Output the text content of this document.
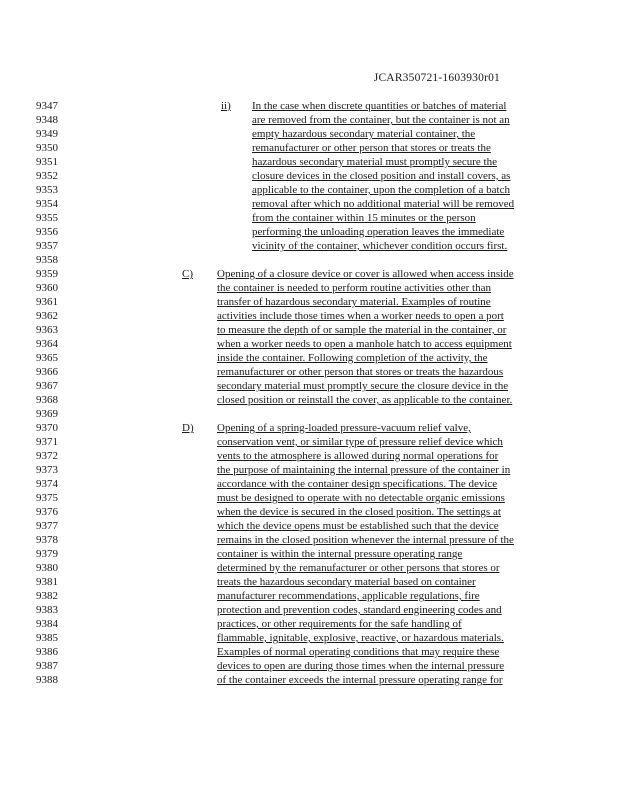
JCAR350721-1603930r01
9347
9348
9349
9350
9351
9352
9353
9354
9355
9356
9357
9358
9359
9360
9361
9362
9363
9364
9365
9366
9367
9368
9369
9370
9371
9372
9373
9374
9375
9376
9377
9378
9379
9380
9381
9382
9383
9384
9385
9386
9387
9388
ii) In the case when discrete quantities or batches of material
are removed from the container, but the container is not an
empty hazardous secondary material container, the
remanufacturer or other person that stores or treats the
hazardous secondary material must promptly secure the
closure devices in the closed position and install covers, as
applicable to the container, upon the completion of a batch
removal after which no additional material will be removed
from the container within 15 minutes or the person
performing the unloading operation leaves the immediate
vicinity of the container, whichever condition occurs first.
C) Opening of a closure device or cover is allowed when access inside
the container is needed to perform routine activities other than
transfer of hazardous secondary material. Examples of routine
activities include those times when a worker needs to open a port
to measure the depth of or sample the material in the container, or
when a worker needs to open a manhole hatch to access equipment
inside the container. Following completion of the activity, the
remanufacturer or other person that stores or treats the hazardous
secondary material must promptly secure the closure device in the
closed position or reinstall the cover, as applicable to the container.
D) Opening of a spring-loaded pressure-vacuum relief valve,
conservation vent, or similar type of pressure relief device which
vents to the atmosphere is allowed during normal operations for
the purpose of maintaining the internal pressure of the container in
accordance with the container design specifications. The device
must be designed to operate with no detectable organic emissions
when the device is secured in the closed position. The settings at
which the device opens must be established such that the device
remains in the closed position whenever the internal pressure of the
container is within the internal pressure operating range
determined by the remanufacturer or other persons that stores or
treats the hazardous secondary material based on container
manufacturer recommendations, applicable regulations, fire
protection and prevention codes, standard engineering codes and
practices, or other requirements for the safe handling of
flammable, ignitable, explosive, reactive, or hazardous materials.
Examples of normal operating conditions that may require these
devices to open are during those times when the internal pressure
of the container exceeds the internal pressure operating range for
